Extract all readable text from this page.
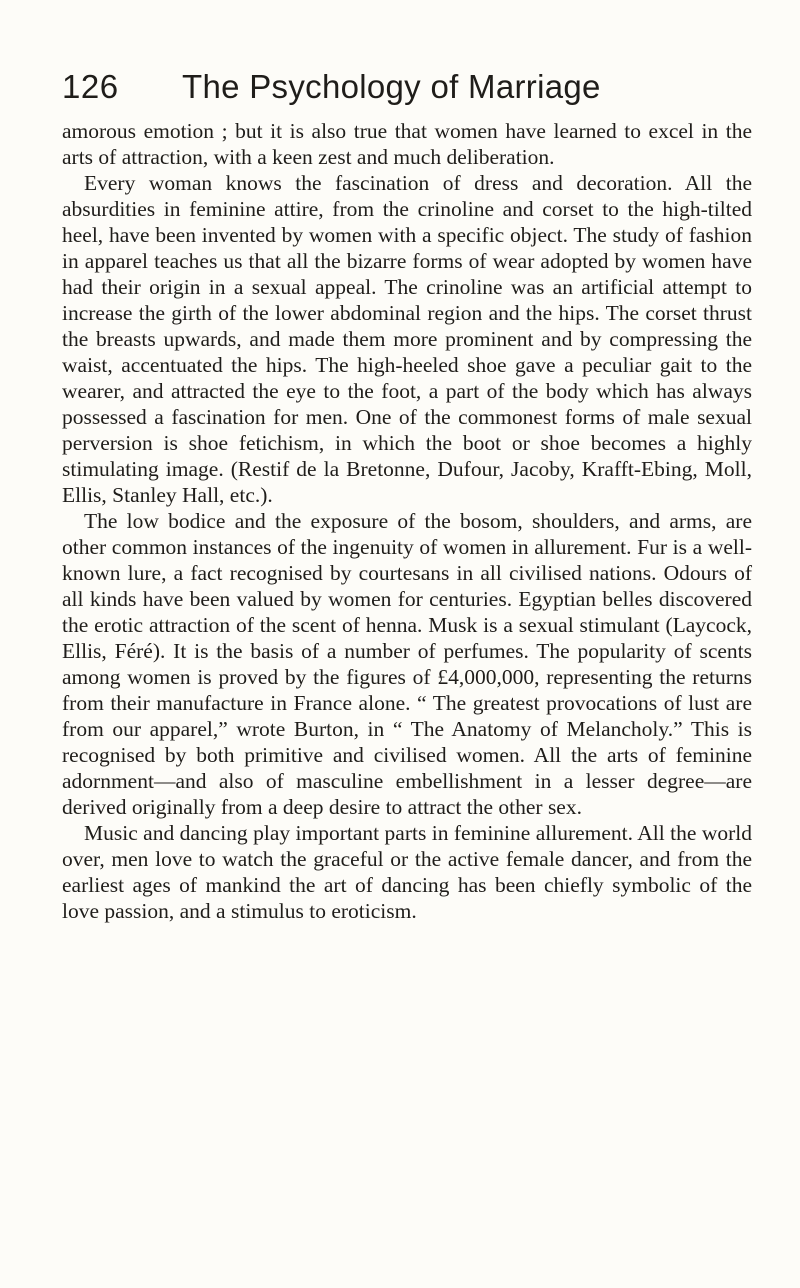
126	The Psychology of Marriage

amorous emotion ; but it is also true that women have learned to excel in the arts of attraction, with a keen zest and much deliberation.

Every woman knows the fascination of dress and decoration. All the absurdities in feminine attire, from the crinoline and corset to the high-tilted heel, have been invented by women with a specific object. The study of fashion in apparel teaches us that all the bizarre forms of wear adopted by women have had their origin in a sexual appeal. The crinoline was an artificial attempt to increase the girth of the lower abdominal region and the hips. The corset thrust the breasts upwards, and made them more prominent and by compressing the waist, accentuated the hips. The high-heeled shoe gave a peculiar gait to the wearer, and attracted the eye to the foot, a part of the body which has always possessed a fascination for men. One of the commonest forms of male sexual perversion is shoe fetichism, in which the boot or shoe becomes a highly stimulating image. (Restif de la Bretonne, Dufour, Jacoby, Krafft-Ebing, Moll, Ellis, Stanley Hall, etc.).

The low bodice and the exposure of the bosom, shoulders, and arms, are other common instances of the ingenuity of women in allurement. Fur is a well-known lure, a fact recognised by courtesans in all civilised nations. Odours of all kinds have been valued by women for centuries. Egyptian belles discovered the erotic attraction of the scent of henna. Musk is a sexual stimulant (Laycock, Ellis, Féré). It is the basis of a number of perfumes. The popularity of scents among women is proved by the figures of £4,000,000, representing the returns from their manufacture in France alone. “ The greatest provocations of lust are from our apparel,” wrote Burton, in “ The Anatomy of Melancholy.” This is recognised by both primitive and civilised women. All the arts of feminine adornment—and also of masculine embellishment in a lesser degree—are derived originally from a deep desire to attract the other sex.

Music and dancing play important parts in feminine allurement. All the world over, men love to watch the graceful or the active female dancer, and from the earliest ages of mankind the art of dancing has been chiefly symbolic of the love passion, and a stimulus to eroticism.
